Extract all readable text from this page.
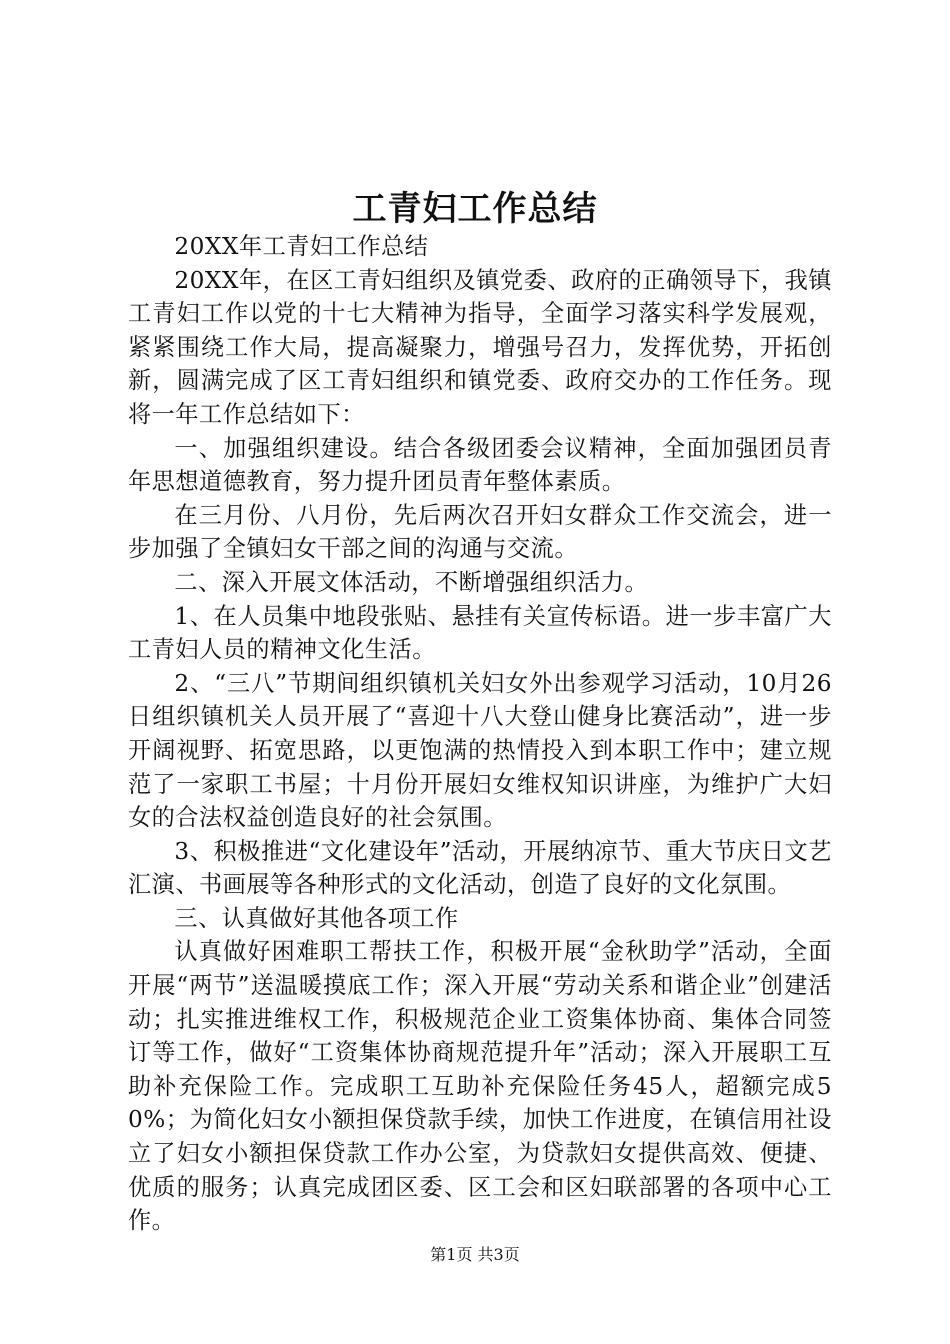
工青妇工作总结

20XX年工青妇工作总结

20XX年，在区工青妇组织及镇党委、政府的正确领导下，我镇工青妇工作以党的十七大精神为指导，全面学习落实科学发展观，紧紧围绕工作大局，提高凝聚力，增强号召力，发挥优势，开拓创新，圆满完成了区工青妇组织和镇党委、政府交办的工作任务。现将一年工作总结如下：

一、加强组织建设。结合各级团委会议精神，全面加强团员青年思想道德教育，努力提升团员青年整体素质。

在三月份、八月份，先后两次召开妇女群众工作交流会，进一步加强了全镇妇女干部之间的沟通与交流。

二、深入开展文体活动，不断增强组织活力。

1、在人员集中地段张贴、悬挂有关宣传标语。进一步丰富广大工青妇人员的精神文化生活。

2、“三八”节期间组织镇机关妇女外出参观学习活动，10月26日组织镇机关人员开展了“喜迎十八大登山健身比赛活动”，进一步开阔视野、拓宽思路，以更饱满的热情投入到本职工作中；建立规范了一家职工书屋；十月份开展妇女维权知识讲座，为维护广大妇女的合法权益创造良好的社会氛围。

3、积极推进“文化建设年”活动，开展纳凉节、重大节庆日文艺汇演、书画展等各种形式的文化活动，创造了良好的文化氛围。

三、认真做好其他各项工作

认真做好困难职工帮扶工作，积极开展“金秋助学”活动，全面开展“两节”送温暖摸底工作；深入开展“劳动关系和谐企业”创建活动；扎实推进维权工作，积极规范企业工资集体协商、集体合同签订等工作，做好“工资集体协商规范提升年”活动；深入开展职工互助补充保险工作。完成职工互助补充保险任务45人，超额完成50%；为简化妇女小额担保贷款手续，加快工作进度，在镇信用社设立了妇女小额担保贷款工作办公室，为贷款妇女提供高效、便捷、优质的服务；认真完成团区委、区工会和区妇联部署的各项中心工作。

第1页 共3页
